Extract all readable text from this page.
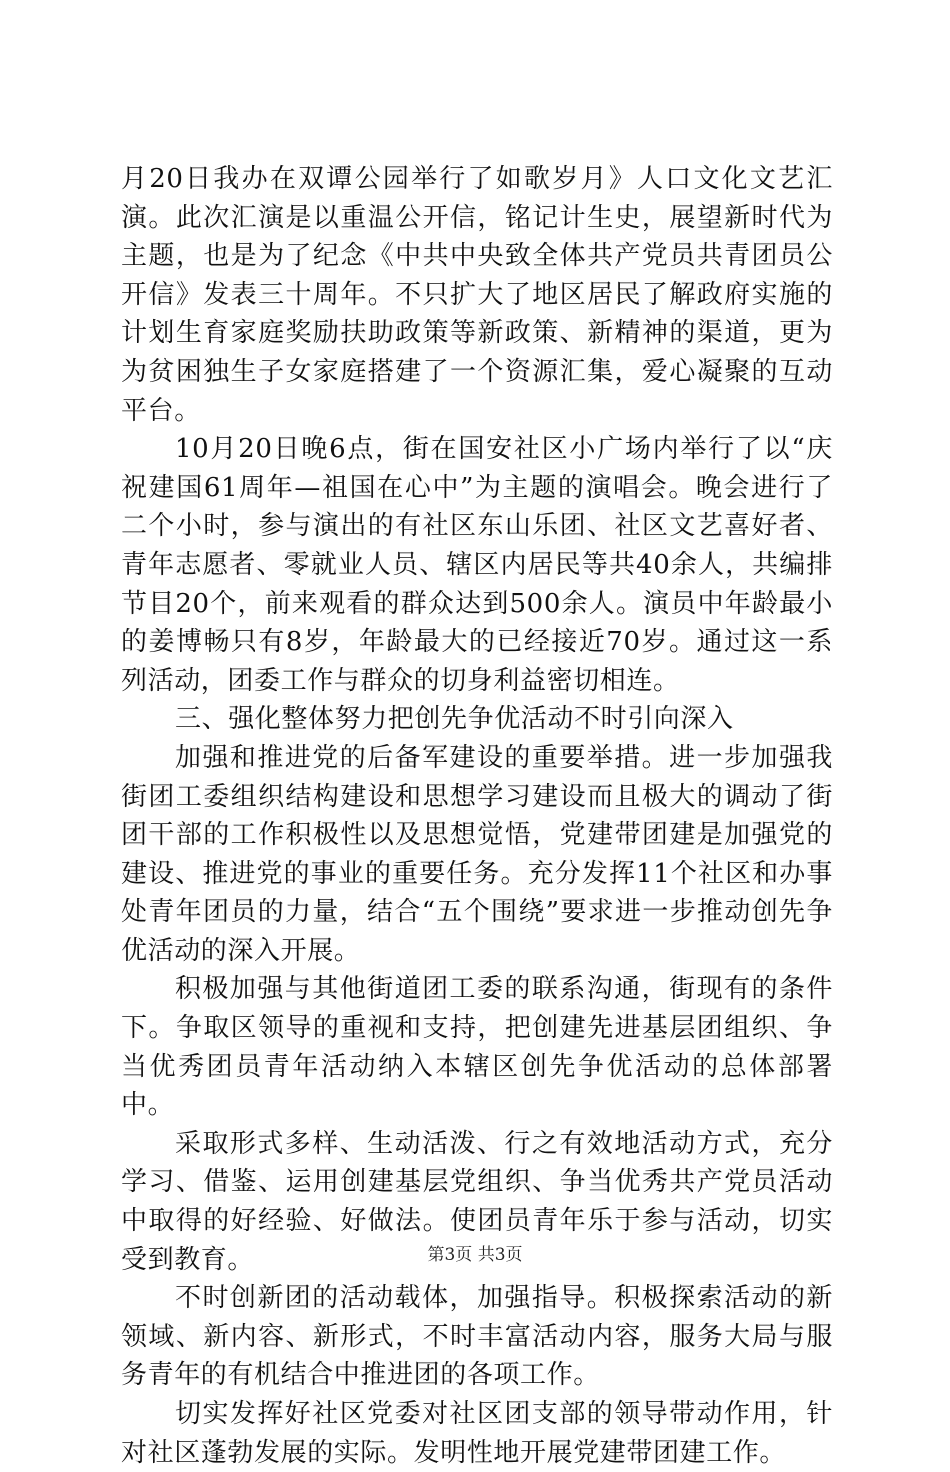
月20日我办在双谭公园举行了如歌岁月》人口文化文艺汇演。此次汇演是以重温公开信，铭记计生史，展望新时代为主题，也是为了纪念《中共中央致全体共产党员共青团员公开信》发表三十周年。不只扩大了地区居民了解政府实施的计划生育家庭奖励扶助政策等新政策、新精神的渠道，更为为贫困独生子女家庭搭建了一个资源汇集，爱心凝聚的互动平台。

10月20日晚6点，街在国安社区小广场内举行了以“庆祝建国61周年—祖国在心中”为主题的演唱会。晚会进行了二个小时，参与演出的有社区东山乐团、社区文艺喜好者、青年志愿者、零就业人员、辖区内居民等共40余人，共编排节目20个，前来观看的群众达到500余人。演员中年龄最小的姜博畅只有8岁，年龄最大的已经接近70岁。通过这一系列活动，团委工作与群众的切身利益密切相连。

三、强化整体努力把创先争优活动不时引向深入

加强和推进党的后备军建设的重要举措。进一步加强我街团工委组织结构建设和思想学习建设而且极大的调动了街团干部的工作积极性以及思想觉悟，党建带团建是加强党的建设、推进党的事业的重要任务。充分发挥11个社区和办事处青年团员的力量，结合“五个围绕”要求进一步推动创先争优活动的深入开展。

积极加强与其他街道团工委的联系沟通，街现有的条件下。争取区领导的重视和支持，把创建先进基层团组织、争当优秀团员青年活动纳入本辖区创先争优活动的总体部署中。

采取形式多样、生动活泼、行之有效地活动方式，充分学习、借鉴、运用创建基层党组织、争当优秀共产党员活动中取得的好经验、好做法。使团员青年乐于参与活动，切实受到教育。

不时创新团的活动载体，加强指导。积极探索活动的新领域、新内容、新形式，不时丰富活动内容，服务大局与服务青年的有机结合中推进团的各项工作。

切实发挥好社区党委对社区团支部的领导带动作用，针对社区蓬勃发展的实际。发明性地开展党建带团建工作。

第3页 共3页
